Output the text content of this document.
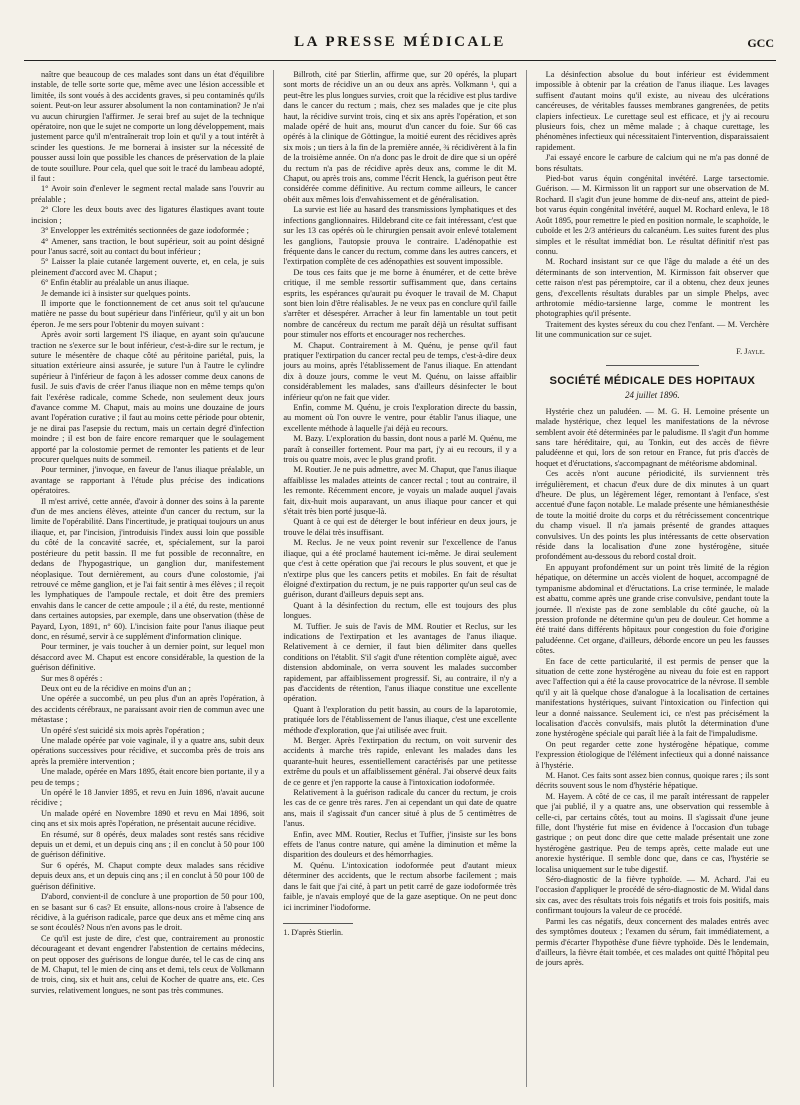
LA PRESSE MÉDICALE	GCC

naître que beaucoup de ces malades sont dans un état d'équilibre instable, de telle sorte sorte que, même avec une lésion accessible et limitée, ils sont voués à des accidents graves, si peu contaminés qu'ils soient. Peut-on leur assurer absolument la non contamination? Je n'ai vu aucun chirurgien l'affirmer. Je serai bref au sujet de la technique opératoire, non que le sujet ne comporte un long développement, mais justement parce qu'il m'entraînerait trop loin et qu'il y a tout intérêt à scinder les questions. Je me bornerai à insister sur la nécessité de pousser aussi loin que possible les chances de préservation de la plaie de toute souillure. Pour cela, quel que soit le tracé du lambeau adopté, il faut :

1° Avoir soin d'enlever le segment rectal malade sans l'ouvrir au préalable ;

2° Clore les deux bouts avec des ligatures élastiques avant toute incision ;

3° Envelopper les extrémités sectionnées de gaze iodoformée ;

4° Amener, sans traction, le bout supérieur, soit au point désigné pour l'anus sacré, soit au contact du bout inférieur ;

5° Laisser la plaie cutanée largement ouverte, et, en cela, je suis pleinement d'accord avec M. Chaput ;

6° Enfin établir au préalable un anus iliaque.

Je demande ici à insister sur quelques points.

Il importe que le fonctionnement de cet anus soit tel qu'aucune matière ne passe du bout supérieur dans l'inférieur, qu'il y ait un bon éperon. Je me sers pour l'obtenir du moyen suivant :

Après avoir sorti largement l'S iliaque, en ayant soin qu'aucune traction ne s'exerce sur le bout inférieur, c'est-à-dire sur le rectum, je suture le mésentère de chaque côté au péritoine pariétal, puis, la situation extérieure ainsi assurée, je suture l'un à l'autre le cylindre supérieur à l'inférieur de façon à les adosser comme deux canons de fusil. Je suis d'avis de créer l'anus iliaque non en même temps qu'on fait l'exérèse radicale, comme Schede, non seulement deux jours d'avance comme M. Chaput, mais au moins une douzaine de jours avant l'opération curative ; il faut au moins cette période pour obtenir, je ne dirai pas l'asepsie du rectum, mais un certain degré d'infection moindre ; il est bon de faire encore remarquer que le soulagement apporté par la colostomie permet de remonter les patients et de leur procurer quelques nuits de sommeil.

Pour terminer, j'invoque, en faveur de l'anus iliaque préalable, un avantage se rapportant à l'étude plus précise des indications opératoires.

Il m'est arrivé, cette année, d'avoir à donner des soins à la parente d'un de mes anciens élèves, atteinte d'un cancer du rectum, sur la limite de l'opérabilité. Dans l'incertitude, je pratiquai toujours un anus iliaque, et, par l'incision, j'introduisis l'index aussi loin que possible du côté de la concavité sacrée, et, spécialement, sur la paroi postérieure du petit bassin. Il me fut possible de reconnaître, en dedans de l'hypogastrique, un ganglion dur, manifestement néoplasique. Tout dernièrement, au cours d'une colostomie, j'ai retrouvé ce même ganglion, et je l'ai fait sentir à mes élèves ; il reçoit les lymphatiques de l'ampoule rectale, et doit être des premiers envahis dans le cancer de cette ampoule ; il a été, du reste, mentionné dans certaines autopsies, par exemple, dans une observation (thèse de Payard, Lyon, 1891, n° 60). L'incision faite pour l'anus iliaque peut donc, en résumé, servir à ce supplément d'information clinique.

Pour terminer, je vais toucher à un dernier point, sur lequel mon désaccord avec M. Chaput est encore considérable, la question de la guérison définitive.

Sur mes 8 opérés :

Deux ont eu de la récidive en moins d'un an ;

Une opérée a succombé, un peu plus d'un an après l'opération, à des accidents cérébraux, ne paraissant avoir rien de commun avec une métastase ;

Un opéré s'est suicidé six mois après l'opération ;

Une malade opérée par voie vaginale, il y a quatre ans, subit deux opérations successives pour récidive, et succomba près de trois ans après la première intervention ;

Une malade, opérée en Mars 1895, était encore bien portante, il y a peu de temps ;

Un opéré le 18 Janvier 1895, et revu en Juin 1896, n'avait aucune récidive ;

Un malade opéré en Novembre 1890 et revu en Mai 1896, soit cinq ans et six mois après l'opération, ne présentait aucune récidive.

En résumé, sur 8 opérés, deux malades sont restés sans récidive depuis un et demi, et un depuis cinq ans ; il en conclut à 50 pour 100 de guérison définitive.

Sur 6 opérés, M. Chaput compte deux malades sans récidive depuis deux ans, et un depuis cinq ans ; il en conclut à 50 pour 100 de guérison définitive.

D'abord, convient-il de conclure à une proportion de 50 pour 100, en se basant sur 6 cas? Et ensuite, allons-nous croire à l'absence de récidive, à la guérison radicale, parce que deux ans et même cinq ans se sont écoulés? Nous n'en avons pas le droit.

Ce qu'il est juste de dire, c'est que, contrairement au pronostic décourageant et devant engendrer l'abstention de certains médecins, on peut opposer des guérisons de longue durée, tel le cas de cinq ans de M. Chaput, tel le mien de cinq ans et demi, tels ceux de Volkmann de trois, cinq, six et huit ans, celui de Kocher de quatre ans, etc. Ces survies, relativement longues, ne sont pas très communes.

Billroth, cité par Stierlin, affirme que, sur 20 opérés, la plupart sont morts de récidive un an ou deux ans après. Volkmann ¹, qui a peut-être les plus longues survies, croit que la récidive est plus tardive dans le cancer du rectum ; mais, chez ses malades que je cite plus haut, la récidive survint trois, cinq et six ans après l'opération, et son malade opéré de huit ans, mourut d'un cancer du foie. Sur 66 cas opérés à la clinique de Göttingue, la moitié eurent des récidives après six mois ; un tiers à la fin de la première année, ¾ récidivèrent à la fin de la troisième année. On n'a donc pas le droit de dire que si un opéré du rectum n'a pas de récidive après deux ans, comme le dit M. Chaput, ou après trois ans, comme l'écrit Henck, la guérison peut être considérée comme définitive. Au rectum comme ailleurs, le cancer obéit aux mêmes lois d'envahissement et de généralisation.

La survie est liée au hasard des transmissions lymphatiques et des infections ganglionnaires. Hildebrand cite ce fait intéressant, c'est que sur les 13 cas opérés où le chirurgien pensait avoir enlevé totalement les ganglions, l'autopsie prouva le contraire. L'adénopathie est fréquente dans le cancer du rectum, comme dans les autres cancers, et l'extirpation complète de ces adénopathies est souvent impossible.

De tous ces faits que je me borne à énumérer, et de cette brève critique, il me semble ressortir suffisamment que, dans certains esprits, les espérances qu'aurait pu évoquer le travail de M. Chaput sont bien loin d'être réalisables. Je ne veux pas en conclure qu'il faille s'arrêter et désespérer. Arracher à leur fin lamentable un tout petit nombre de cancéreux du rectum me paraît déjà un résultat suffisant pour stimuler nos efforts et encourager nos recherches.

M. Chaput. Contrairement à M. Quénu, je pense qu'il faut pratiquer l'extirpation du cancer rectal peu de temps, c'est-à-dire deux jours au moins, après l'établissement de l'anus iliaque. En attendant dix à douze jours, comme le veut M. Quénu, on laisse affaiblir considérablement les malades, sans d'ailleurs désinfecter le bout inférieur qu'on ne fait que vider.

Enfin, comme M. Quénu, je crois l'exploration directe du bassin, au moment où l'on ouvre le ventre, pour établir l'anus iliaque, une excellente méthode à laquelle j'ai déjà eu recours.

M. Bazy. L'exploration du bassin, dont nous a parlé M. Quénu, me paraît à conseiller fortement. Pour ma part, j'y ai eu recours, il y a trois ou quatre mois, avec le plus grand profit.

M. Routier. Je ne puis admettre, avec M. Chaput, que l'anus iliaque affaiblisse les malades atteints de cancer rectal ; tout au contraire, il les remonte. Récemment encore, je voyais un malade auquel j'avais fait, dix-huit mois auparavant, un anus iliaque pour cancer et qui s'était très bien porté jusque-là.

Quant à ce qui est de déterger le bout inférieur en deux jours, je trouve le délai très insuffisant.

M. Reclus. Je ne veux point revenir sur l'excellence de l'anus iliaque, qui a été proclamé hautement ici-même. Je dirai seulement que c'est à cette opération que j'ai recours le plus souvent, et que je n'extirpe plus que les cancers petits et mobiles. En fait de résultat éloigné d'extirpation du rectum, je ne puis rapporter qu'un seul cas de guérison, durant d'ailleurs depuis sept ans.

Quant à la désinfection du rectum, elle est toujours des plus longues.

M. Tuffier. Je suis de l'avis de MM. Routier et Reclus, sur les indications de l'extirpation et les avantages de l'anus iliaque. Relativement à ce dernier, il faut bien délimiter dans quelles conditions on l'établit. S'il s'agit d'une rétention complète aiguë, avec distension abdominale, on verra souvent les malades succomber rapidement, par affaiblissement progressif. Si, au contraire, il n'y a pas d'accidents de rétention, l'anus iliaque constitue une excellente opération.

Quant à l'exploration du petit bassin, au cours de la laparotomie, pratiquée lors de l'établissement de l'anus iliaque, c'est une excellente méthode d'exploration, que j'ai utilisée avec fruit.

M. Berger. Après l'extirpation du rectum, on voit survenir des accidents à marche très rapide, enlevant les malades dans les quarante-huit heures, essentiellement caractérisés par une petitesse extrême du pouls et un affaiblissement général. J'ai observé deux faits de ce genre et j'en rapporte la cause à l'intoxication iodoformée.

Relativement à la guérison radicale du cancer du rectum, je crois les cas de ce genre très rares. J'en ai cependant un qui date de quatre ans, mais il s'agissait d'un cancer situé à plus de 5 centimètres de l'anus.

Enfin, avec MM. Routier, Reclus et Tuffier, j'insiste sur les bons effets de l'anus contre nature, qui amène la diminution et même la disparition des douleurs et des hémorrhagies.

M. Quénu. L'intoxication iodoformée peut d'autant mieux déterminer des accidents, que le rectum absorbe facilement ; mais dans le fait que j'ai cité, à part un petit carré de gaze iodoformée très faible, je n'avais employé que de la gaze aseptique. On ne peut donc ici incriminer l'iodoforme.

1. D'après Stierlin.

La désinfection absolue du bout inférieur est évidemment impossible à obtenir par la création de l'anus iliaque. Les lavages suffisent d'autant moins qu'il existe, au niveau des ulcérations cancéreuses, de véritables fausses membranes gangrenées, de petits clapiers infectieux. Le curettage seul est efficace, et j'y ai recouru plusieurs fois, chez un même malade ; à chaque curettage, les phénomènes infectieux qui nécessitaient l'intervention, disparaissaient rapidement.

J'ai essayé encore le carbure de calcium qui ne m'a pas donné de bons résultats.

Pied-bot varus équin congénital invétéré. Large tarsectomie. Guérison. — M. Kirmisson lit un rapport sur une observation de M. Rochard. Il s'agit d'un jeune homme de dix-neuf ans, atteint de pied-bot varus équin congénital invétéré, auquel M. Rochard enleva, le 18 Août 1895, pour remettre le pied en position normale, le scaphoïde, le cuboïde et les 2/3 antérieurs du calcanéum. Les suites furent des plus simples et le résultat immédiat bon. Le résultat définitif n'est pas connu.

M. Rochard insistant sur ce que l'âge du malade a été un des déterminants de son intervention, M. Kirmisson fait observer que cette raison n'est pas péremptoire, car il a obtenu, chez deux jeunes gens, d'excellents résultats durables par un simple Phelps, avec arthrotomie médio-tarsienne large, comme le montrent les photographies qu'il présente.

Traitement des kystes séreux du cou chez l'enfant. — M. Verchère lit une communication sur ce sujet.

F. Jayle.

SOCIÉTÉ MÉDICALE DES HOPITAUX
24 juillet 1896.

Hystérie chez un paludéen. — M. G. H. Lemoine présente un malade hystérique, chez lequel les manifestations de la névrose semblent avoir été déterminées par le paludisme. Il s'agit d'un homme sans tare héréditaire, qui, au Tonkin, eut des accès de fièvre paludéenne et qui, lors de son retour en France, fut pris d'accès de hoquet et d'éructations, s'accompagnant de météorisme abdominal.

Ces accès n'ont aucune périodicité, ils surviennent très irrégulièrement, et chacun d'eux dure de dix minutes à un quart d'heure. De plus, un légèrement léger, remontant à l'enface, s'est accentué d'une façon notable. Le malade présente une hémianesthésie de toute la moitié droite du corps et du rétrécissement concentrique du champ visuel. Il n'a jamais présenté de grandes attaques convulsives. Un des points les plus intéressants de cette observation réside dans la localisation d'une zone hystérogène, située profondément au-dessous du rebord costal droit.

En appuyant profondément sur un point très limité de la région hépatique, on détermine un accès violent de hoquet, accompagné de tympanisme abdominal et d'éructations. La crise terminée, le malade est abattu, comme après une grande crise convulsive, pendant toute la journée. Il n'existe pas de zone semblable du côté gauche, où la pression profonde ne détermine qu'un peu de douleur. Cet homme a été traité dans différents hôpitaux pour congestion du foie d'origine paludéenne. Cet organe, d'ailleurs, déborde encore un peu les fausses côtes.

En face de cette particularité, il est permis de penser que la situation de cette zone hystérogène au niveau du foie est en rapport avec l'affection qui a été la cause provocatrice de la névrose. Il semble qu'il y ait là quelque chose d'analogue à la localisation de certaines manifestations hystériques, suivant l'intoxication ou l'infection qui leur a donné naissance. Seulement ici, ce n'est pas précisément la localisation d'accès convulsifs, mais plutôt la détermination d'une zone hystérogène spéciale qui paraît liée à la fait de l'impaludisme.

On peut regarder cette zone hystérogène hépatique, comme l'expression étiologique de l'élément infectieux qui a donné naissance à l'hystérie.

M. Hanot. Ces faits sont assez bien connus, quoique rares ; ils sont décrits souvent sous le nom d'hystérie hépatique.

M. Hayem. A côté de ce cas, il me paraît intéressant de rappeler que j'ai publié, il y a quatre ans, une observation qui ressemble à celle-ci, par certains côtés, tout au moins. Il s'agissait d'une jeune fille, dont l'hystérie fut mise en évidence à l'occasion d'un tubage gastrique ; on peut donc dire que cette malade présentait une zone hystérogène gastrique. Peu de temps après, cette malade eut une anorexie hystérique. Il semble donc que, dans ce cas, l'hystérie se localisa uniquement sur le tube digestif.

Séro-diagnostic de la fièvre typhoïde. — M. Achard. J'ai eu l'occasion d'appliquer le procédé de séro-diagnostic de M. Widal dans six cas, avec des résultats trois fois négatifs et trois fois positifs, mais confirmant toujours la valeur de ce procédé.

Parmi les cas négatifs, deux concernent des malades entrés avec des symptômes douteux ; l'examen du sérum, fait immédiatement, a permis d'écarter l'hypothèse d'une fièvre typhoïde. Dès le lendemain, d'ailleurs, la fièvre était tombée, et ces malades ont quitté l'hôpital peu de jours après.
